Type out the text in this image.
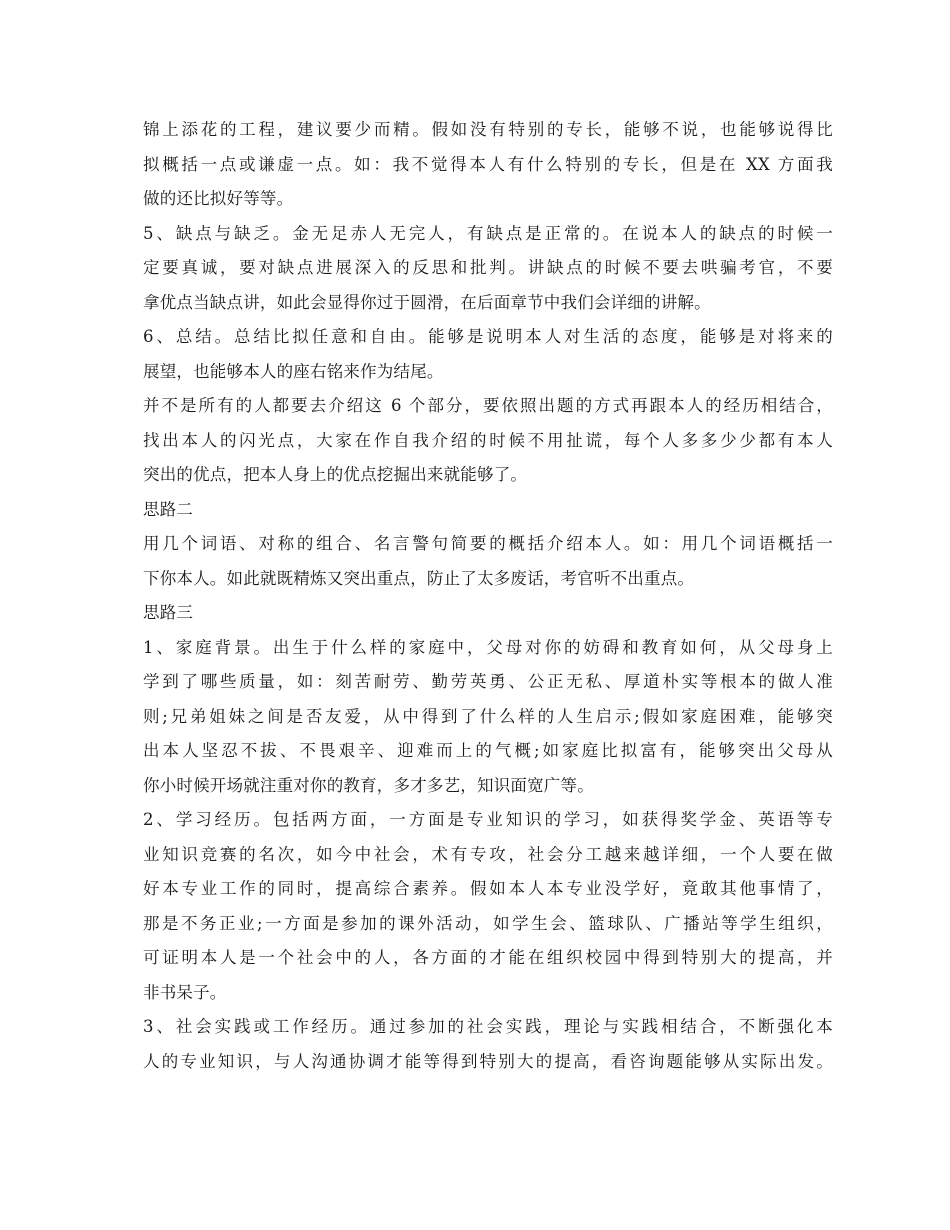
锦上添花的工程，建议要少而精。假如没有特别的专长，能够不说，也能够说得比
拟概括一点或谦虚一点。如：我不觉得本人有什么特别的专长，但是在 XX 方面我
做的还比拟好等等。
5、缺点与缺乏。金无足赤人无完人，有缺点是正常的。在说本人的缺点的时候一
定要真诚，要对缺点进展深入的反思和批判。讲缺点的时候不要去哄骗考官，不要
拿优点当缺点讲，如此会显得你过于圆滑，在后面章节中我们会详细的讲解。
6、总结。总结比拟任意和自由。能够是说明本人对生活的态度，能够是对将来的
展望，也能够本人的座右铭来作为结尾。
并不是所有的人都要去介绍这 6 个部分，要依照出题的方式再跟本人的经历相结合，
找出本人的闪光点，大家在作自我介绍的时候不用扯谎，每个人多多少少都有本人
突出的优点，把本人身上的优点挖掘出来就能够了。
思路二
用几个词语、对称的组合、名言警句简要的概括介绍本人。如：用几个词语概括一
下你本人。如此就既精炼又突出重点，防止了太多废话，考官听不出重点。
思路三
1、家庭背景。出生于什么样的家庭中，父母对你的妨碍和教育如何，从父母身上
学到了哪些质量，如：刻苦耐劳、勤劳英勇、公正无私、厚道朴实等根本的做人准
则;兄弟姐妹之间是否友爱，从中得到了什么样的人生启示;假如家庭困难，能够突
出本人坚忍不拔、不畏艰辛、迎难而上的气概;如家庭比拟富有，能够突出父母从
你小时候开场就注重对你的教育，多才多艺，知识面宽广等。
2、学习经历。包括两方面，一方面是专业知识的学习，如获得奖学金、英语等专
业知识竞赛的名次，如今中社会，术有专攻，社会分工越来越详细，一个人要在做
好本专业工作的同时，提高综合素养。假如本人本专业没学好，竟敢其他事情了，
那是不务正业;一方面是参加的课外活动，如学生会、篮球队、广播站等学生组织，
可证明本人是一个社会中的人，各方面的才能在组织校园中得到特别大的提高，并
非书呆子。
3、社会实践或工作经历。通过参加的社会实践，理论与实践相结合，不断强化本
人的专业知识，与人沟通协调才能等得到特别大的提高，看咨询题能够从实际出发。
